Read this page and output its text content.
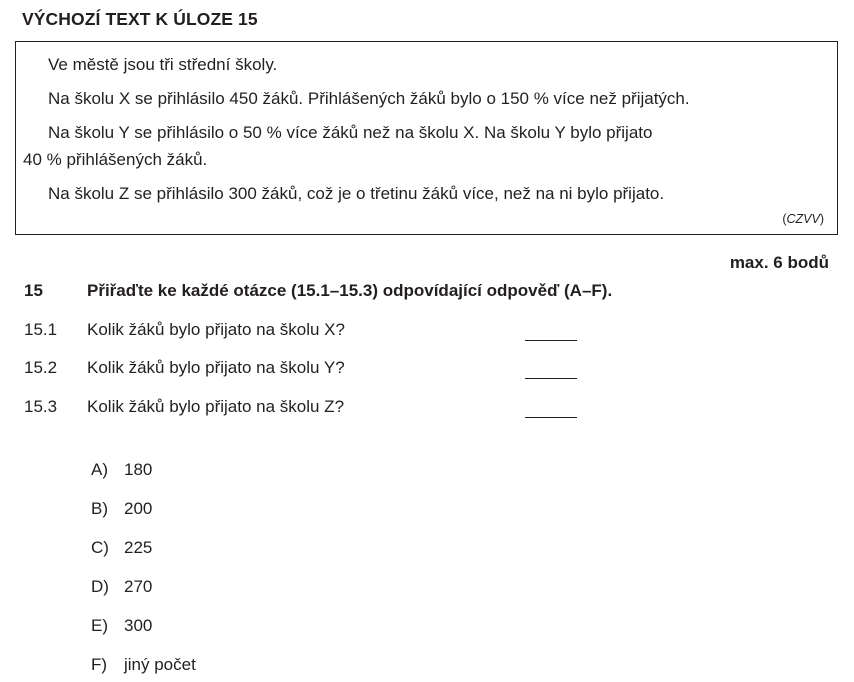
VÝCHOZÍ TEXT K ÚLOZE 15
Ve městě jsou tři střední školy.
Na školu X se přihlásilo 450 žáků. Přihlášených žáků bylo o 150 % více než přijatých.
Na školu Y se přihlásilo o 50 % více žáků než na školu X. Na školu Y bylo přijato
40 % přihlášených žáků.
Na školu Z se přihlásilo 300 žáků, což je o třetinu žáků více, než na ni bylo přijato.
(CZVV)
max. 6 bodů
15	Přiřaďte ke každé otázce (15.1–15.3) odpovídající odpověď (A–F).
15.1 Kolik žáků bylo přijato na školu X?
15.2 Kolik žáků bylo přijato na školu Y?
15.3 Kolik žáků bylo přijato na školu Z?
A) 180
B) 200
C) 225
D) 270
E) 300
F) jiný počet
